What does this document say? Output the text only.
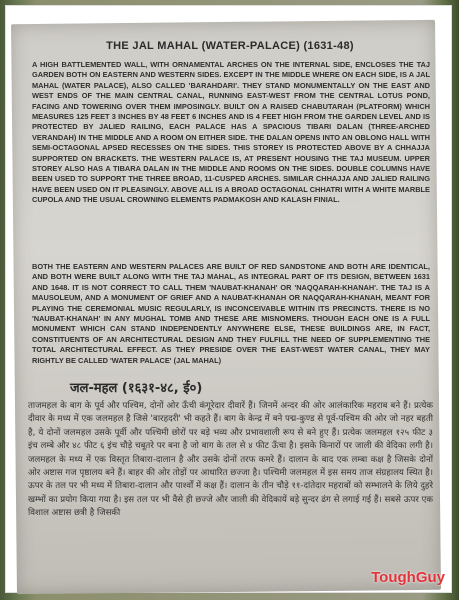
THE JAL MAHAL (WATER-PALACE) (1631-48)
A HIGH BATTLEMENTED WALL, WITH ORNAMENTAL ARCHES ON THE INTERNAL SIDE, ENCLOSES THE TAJ GARDEN BOTH ON EASTERN AND WESTERN SIDES. EXCEPT IN THE MIDDLE WHERE ON EACH SIDE, IS A JAL MAHAL (WATER PALACE), ALSO CALLED 'BARAHDARI'. THEY STAND MONUMENTALLY ON THE EAST AND WEST ENDS OF THE MAIN CENTRAL CANAL, RUNNING EAST-WEST FROM THE CENTRAL LOTUS POND, FACING AND TOWERING OVER THEM IMPOSINGLY. BUILT ON A RAISED CHABUTARAH (PLATFORM) WHICH MEASURES 125 FEET 3 INCHES BY 48 FEET 6 INCHES AND IS 4 FEET HIGH FROM THE GARDEN LEVEL AND IS PROTECTED BY JALIED RAILING, EACH PALACE HAS A SPACIOUS TIBARI DALAN (THREE-ARCHED VERANDAH) IN THE MIDDLE AND A ROOM ON EITHER SIDE. THE DALAN OPENS INTO AN OBLONG HALL WITH SEMI-OCTAGONAL APSED RECESSES ON THE SIDES. THIS STOREY IS PROTECTED ABOVE BY A CHHAJJA SUPPORTED ON BRACKETS. THE WESTERN PALACE IS, AT PRESENT HOUSING THE TAJ MUSEUM. UPPER STOREY ALSO HAS A TIBARA DALAN IN THE MIDDLE AND ROOMS ON THE SIDES. DOUBLE COLUMNS HAVE BEEN USED TO SUPPORT THE THREE BROAD, 11-CUSPED ARCHES. SIMILAR CHHAJJA AND JALIED RAILING HAVE BEEN USED ON IT PLEASINGLY. ABOVE ALL IS A BROAD OCTAGONAL CHHATRI WITH A WHITE MARBLE CUPOLA AND THE USUAL CROWNING ELEMENTS PADMAKOSH AND KALASH FINIAL.
BOTH THE EASTERN AND WESTERN PALACES ARE BUILT OF RED SANDSTONE AND BOTH ARE IDENTICAL, AND BOTH WERE BUILT ALONG WITH THE TAJ MAHAL, AS INTEGRAL PART OF ITS DESIGN, BETWEEN 1631 AND 1648. IT IS NOT CORRECT TO CALL THEM 'NAUBAT-KHANAH' OR 'NAQQARAH-KHANAH'. THE TAJ IS A MAUSOLEUM, AND A MONUMENT OF GRIEF AND A NAUBAT-KHANAH OR NAQQARAH-KHANAH, MEANT FOR PLAYING THE CEREMONIAL MUSIC REGULARLY, IS INCONCEIVABLE WITHIN ITS PRECINCTS. THERE IS NO 'NAUBAT-KHANAH' IN ANY MUGHAL TOMB AND THESE ARE MISNOMERS. THOUGH EACH ONE IS A FULL MONUMENT WHICH CAN STAND INDEPENDENTLY ANYWHERE ELSE, THESE BUILDINGS ARE, IN FACT, CONSTITUENTS OF AN ARCHITECTURAL DESIGN AND THEY FULFILL THE NEED OF SUPPLEMENTING THE TOTAL ARCHITECTURAL EFFECT. AS THEY PRESIDE OVER THE EAST-WEST WATER CANAL, THEY MAY RIGHTLY BE CALLED 'WATER PALACE' (JAL MAHAL)
जल-महल (१६३१-४८, ई०)
ताजमहल के बाग के पूर्व और पश्चिम, दोनों ओर ऊँची कंगूरेदार दीवारें हैं। जिनमें अन्दर की ओर आलंकारिक महराब बने हैं। प्रत्येक दीवार के मध्य में एक जलमहल है जिसे 'बारहदरी' भी कहते हैं। बाग के केन्द्र में बने पद्म-कुण्ड से पूर्व-पश्चिम की ओर जो नहर बहती है, ये दोनों जलमहल उसके पूर्वी और पश्चिमी छोरों पर बड़े भव्य और प्रभावशाली रूप से बने हुए हैं। प्रत्येक जलमहल १२५ फीट ३ इंच लम्बे और ४८ फीट ६ इंच चौड़े चबूतरे पर बना है जो बाग के तल से ४ फीट ऊँचा है। इसके किनारों पर जाली की वेदिका लगी है। जलमहल के मध्य में एक विस्तृत तिबारा-दालान है और उसके दोनों तरफ कमरे हैं। दालान के बाद एक लम्बा कक्ष है जिसके दोनों ओर अष्टास गज पृष्ठालय बने हैं। बाहर की ओर तोड़ों पर आधारित छज्जा है। पश्चिमी जलमहल में इस समय ताज संग्रहालय स्थित है। ऊपर के तल पर भी मध्य में तिबारा-दालान और पार्श्वों में कक्ष हैं। दालान के तीन चौड़े ११-दांतेदार महराबों को सम्भालने के लिये दुहरे खम्भों का प्रयोग किया गया है। इस तल पर भी वैसे ही छज्जे और जाली की वेदिकायें बड़े सुन्दर ढंग से लगाई गई हैं। सबसे ऊपर एक विशाल अष्टास छत्री है जिसकी
ToughGuy
